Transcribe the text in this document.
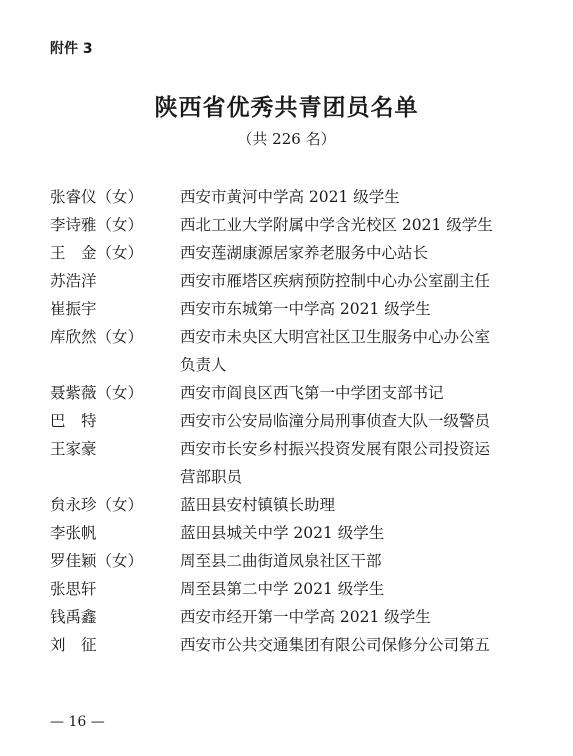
附件 3
陕西省优秀共青团员名单
（共 226 名）
张睿仪（女） 西安市黄河中学高 2021 级学生
李诗雅（女） 西北工业大学附属中学含光校区 2021 级学生
王　金（女） 西安莲湖康源居家养老服务中心站长
苏浩洋	西安市雁塔区疾病预防控制中心办公室副主任
崔振宇	西安市东城第一中学高 2021 级学生
库欣然（女） 西安市未央区大明宫社区卫生服务中心办公室
负责人
聂紫薇（女） 西安市阎良区西飞第一中学团支部书记
巴　特	西安市公安局临潼分局刑事侦查大队一级警员
王家豪	西安市长安乡村振兴投资发展有限公司投资运
营部职员
贠永珍（女） 蓝田县安村镇镇长助理
李张帆	蓝田县城关中学 2021 级学生
罗佳颖（女） 周至县二曲街道凤泉社区干部
张思轩	周至县第二中学 2021 级学生
钱禹鑫	西安市经开第一中学高 2021 级学生
刘　征	西安市公共交通集团有限公司保修分公司第五
— 16 —
